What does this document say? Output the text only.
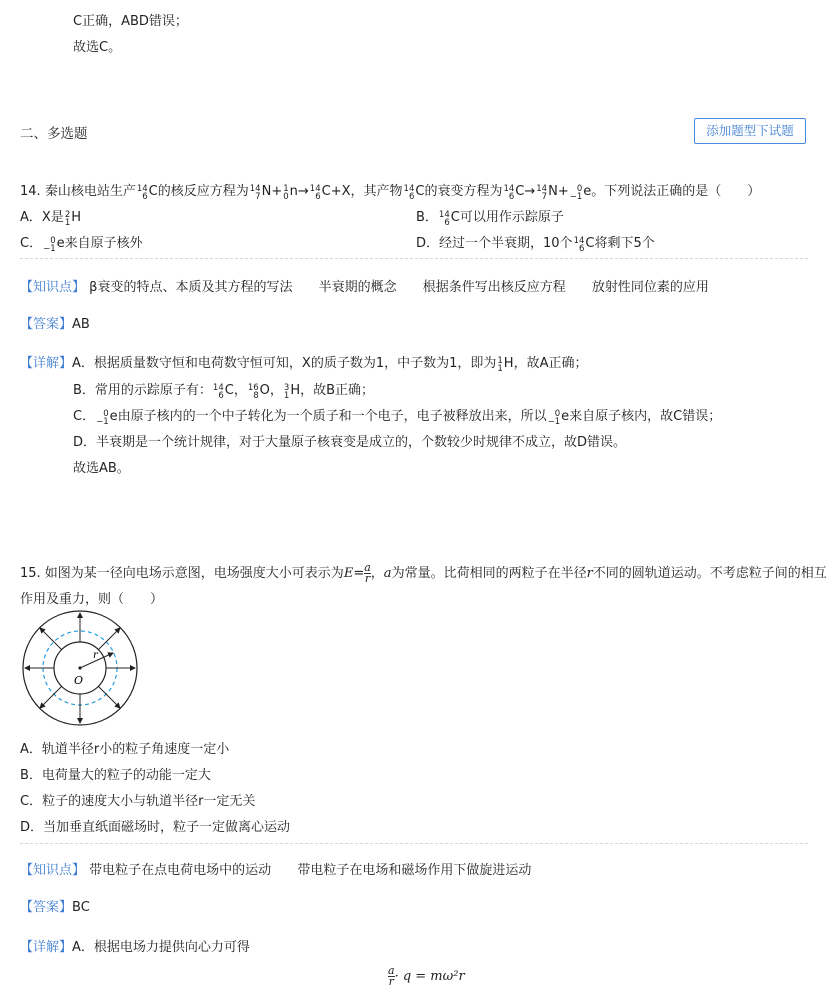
C正确，ABD错误；
故选C。
二、多选题	添加题型下试题
14. 秦山核电站生产 14
6 C的核反应方程为 14
7 N+ 1
0 n→ 14
6 C+X，其产物 14
6 C的衰变方程为 14
6 C→ 14
7 N+ 0
−1 e。下列说法正确的是（　　）
A．X是 2
1 H	B． 14
6 C可以用作示踪原子
C． 0
−1 e来自原子核外	D．经过一个半衰期，10个 14
6 C将剩下5个
【知识点】 β衰变的特点、本质及其方程的写法 半衰期的概念 根据条件写出核反应方程 放射性同位素的应用
【答案】AB
【详解】A．根据质量数守恒和电荷数守恒可知，X的质子数为1，中子数为1，即为 1
1 H，故A正确；
B．常用的示踪原子有： 14
6 C， 16
8 O， 3
1 H，故B正确；
C． 0
−1 e由原子核内的一个中子转化为一个质子和一个电子，电子被释放出来，所以 0
−1 e来自原子核内，故C错误；
D．半衰期是一个统计规律，对于大量原子核衰变是成立的，个数较少时规律不成立，故D错误。
故选AB。
15. 如图为某一径向电场示意图，电场强度大小可表示为$E= \frac{a}{r}$ ，a为常量。比荷相同的两粒子在半径r不同的圆轨道运动。不考虑粒子间的相互
作用及重力，则（　　）
r
O
A．轨道半径r小的粒子角速度一定小
B．电荷量大的粒子的动能一定大
C．粒子的速度大小与轨道半径r一定无关
D．当加垂直纸面磁场时，粒子一定做离心运动
【知识点】 带电粒子在点电荷电场中的运动 带电粒子在电场和磁场作用下做旋进运动
【答案】BC
【详解】A．根据电场力提供向心力可得
$\frac{a}{r} \cdot q = m\omega^2r$
